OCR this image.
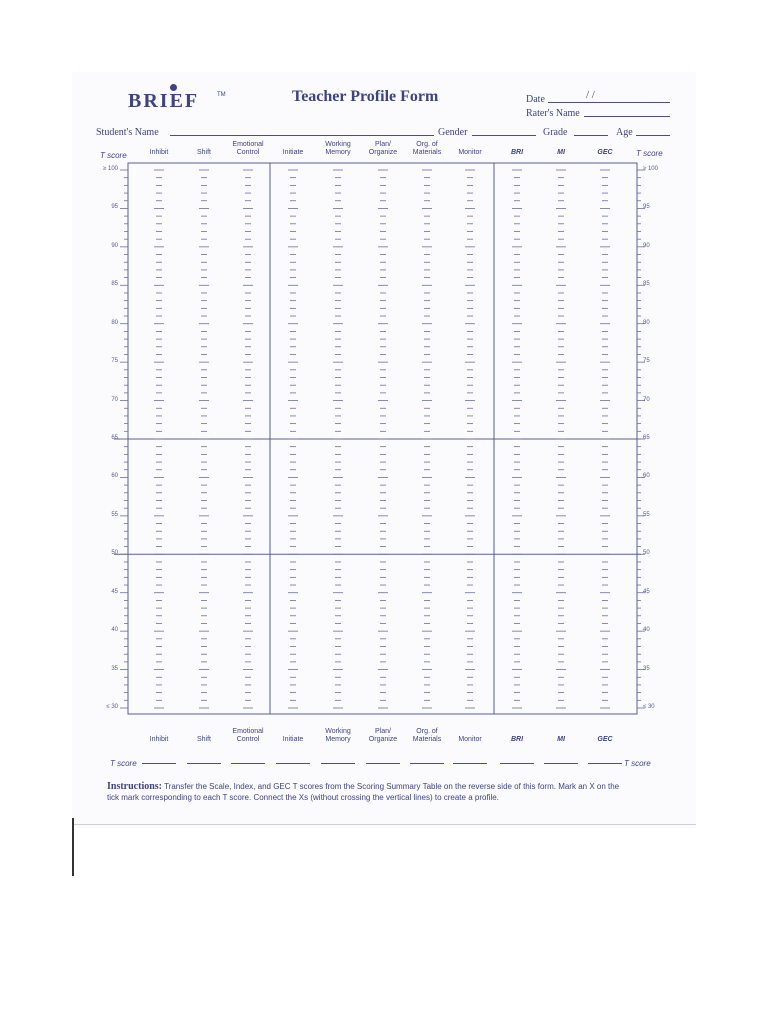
BRIEF	TM	Teacher Profile Form	Date	/ /
Rater's Name
Student's Name	Gender	Grade	Age
T score	T score
Inhibit	Shift
Emotional
Control	Initiate
Working
Memory
Plan/
Organize
Org. of
Materials	Monitor	BRI	MI	GEC
≥ 100
95
90
85
80
75
70
65
60
55
50
45
40
35
≤ 30
≥ 100
95
90
85
80
75
70
65
60
55
50
45
40
35
≤ 30
Inhibit	Shift
Emotional
Control	Initiate
Working
Memory
Plan/
Organize
Org. of
Materials	Monitor	BRI	MI	GEC
T score	T score
Instructions: Transfer the Scale, Index, and GEC T scores from the Scoring Summary Table on the reverse side of this form. Mark an X on the
tick mark corresponding to each T score. Connect the Xs (without crossing the vertical lines) to create a profile.
